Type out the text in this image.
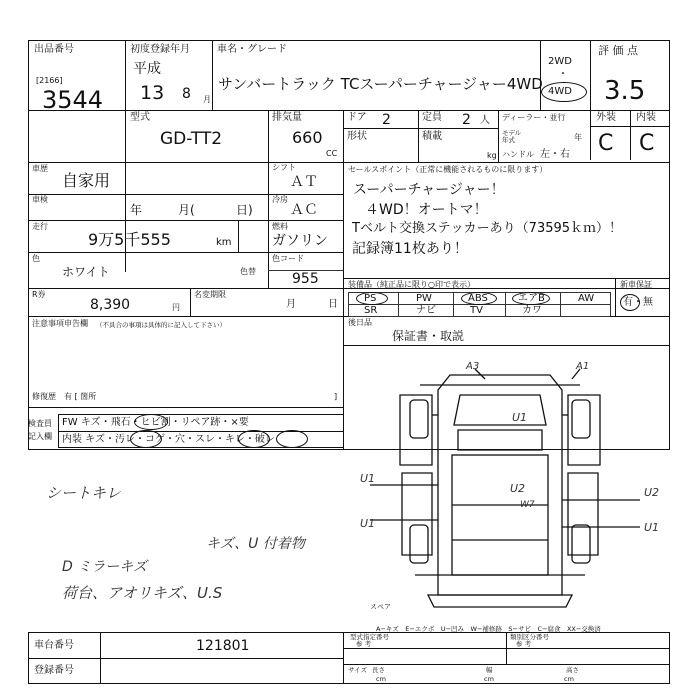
出品番号
[2166]
3544
初度登録年月
平成
13 8 月
車名・グレード
サンバートラック TCスーパーチャージャー4WD
2WD
・
4WD
評 価 点
3.5
外装 内装
C C
型式
GD-TT2
排気量
660
CC
ドア 2
形状
定員 2 人
積載
kg
ディーラー・並行
モデル年式	年
ハンドル 左・右
車歴
自家用
シフト
ＡＴ
車検
年	月(	日)
冷房
ＡＣ
走行
9万5千555	km
燃料
ガソリン
色
ホワイト	色替
色コード
955
R券
8,390	円
名変期限
月	日
セールスポイント（正常に機能されるものに限ります）
スーパーチャージャー！
４WD！オートマ！
Tベルト交換ステッカーあり（73595ｋｍ）！
記録簿11枚あり！
装備品（純正品に限り○印で表示）	新車保証
有・無
PS	PW	ABS	エアB	AW
SR	ナビ	TV	カワ
後日品
保証書・取説
注意事項申告欄 （不具合の事項は具体的に記入して下さい）
修復歴 有 [ 箇所	]
検査員
記入欄
FW キズ・飛石・ヒビ割・リペア跡・×要
内装 キズ・汚レ・コゲ・穴・スレ・キレ・破レ
シートキレ
キズ、U 付着物
D ミラーキズ
荷台、アオリキズ、U.S
A3	A1
U1
U1
U1
U2
W7
U2
U1
スペア
車台番号	121801
登録番号
A−キズ　E−エクボ　U−凹み　W−補修跡　S−サビ　C−腐食　XX−交換済
型式指定番号
参 考
類別区分番号
参 考
サイズ 長さ	幅	高さ
cm	cm	cm
